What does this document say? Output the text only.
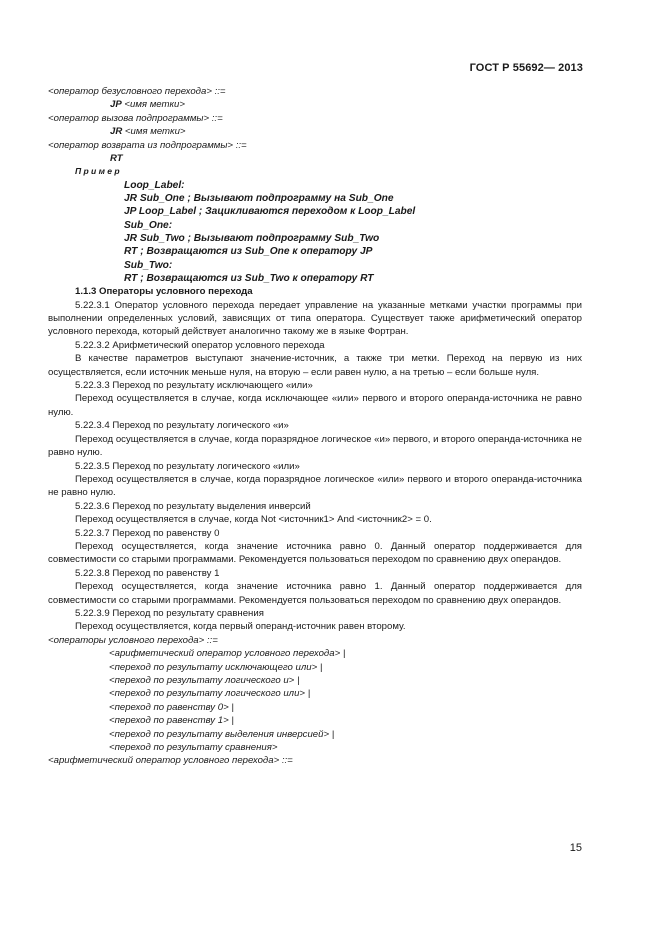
ГОСТ Р 55692— 2013

<оператор безусловного перехода> ::=

JP <имя метки>

<оператор вызова подпрограммы> ::=

JR <имя метки>

<оператор возврата из подпрограммы> ::=

RT

Пример

Loop_Label:

JR Sub_One ; Вызывают подпрограмму на Sub_One

JP Loop_Label ; Зацикливаются переходом к Loop_Label

Sub_One:

JR Sub_Two ; Вызывают подпрограмму Sub_Two

RT ; Возвращаются из Sub_One к оператору JP

Sub_Two:

RT ; Возвращаются из Sub_Two к оператору RT

1.1.3 Операторы условного перехода

5.22.3.1 Оператор условного перехода передает управление на указанные метками участки программы при выполнении определенных условий, зависящих от типа оператора. Существует также арифметический оператор условного перехода, который действует аналогично такому же в языке Фортран.

5.22.3.2 Арифметический оператор условного перехода

В качестве параметров выступают значение-источник, а также три метки. Переход на первую из них осуществляется, если источник меньше нуля, на вторую – если равен нулю, а на третью – если больше нуля.

5.22.3.3 Переход по результату исключающего «или»

Переход осуществляется в случае, когда исключающее «или» первого и второго операнда-источника не равно нулю.

5.22.3.4 Переход по результату логического «и»

Переход осуществляется в случае, когда поразрядное логическое «и» первого, и второго операнда-источника не равно нулю.

5.22.3.5 Переход по результату логического «или»

Переход осуществляется в случае, когда поразрядное логическое «или» первого и второго операнда-источника не равно нулю.

5.22.3.6 Переход по результату выделения инверсий

Переход осуществляется в случае, когда Not <источник1> And <источник2> = 0.

5.22.3.7 Переход по равенству 0

Переход осуществляется, когда значение источника равно 0. Данный оператор поддерживается для совместимости со старыми программами. Рекомендуется пользоваться переходом по сравнению двух операндов.

5.22.3.8 Переход по равенству 1

Переход осуществляется, когда значение источника равно 1. Данный оператор поддерживается для совместимости со старыми программами. Рекомендуется пользоваться переходом по сравнению двух операндов.

5.22.3.9 Переход по результату сравнения

Переход осуществляется, когда первый операнд-источник равен второму.

<операторы условного перехода> ::=

<арифметический оператор условного перехода> |

<переход по результату исключающего или> |

<переход по результату логического и> |

<переход по результату логического или> |

<переход по равенству 0> |

<переход по равенству 1> |

<переход по результату выделения инверсией> |

<переход по результату сравнения>

<арифметический оператор условного перехода> ::=

15
